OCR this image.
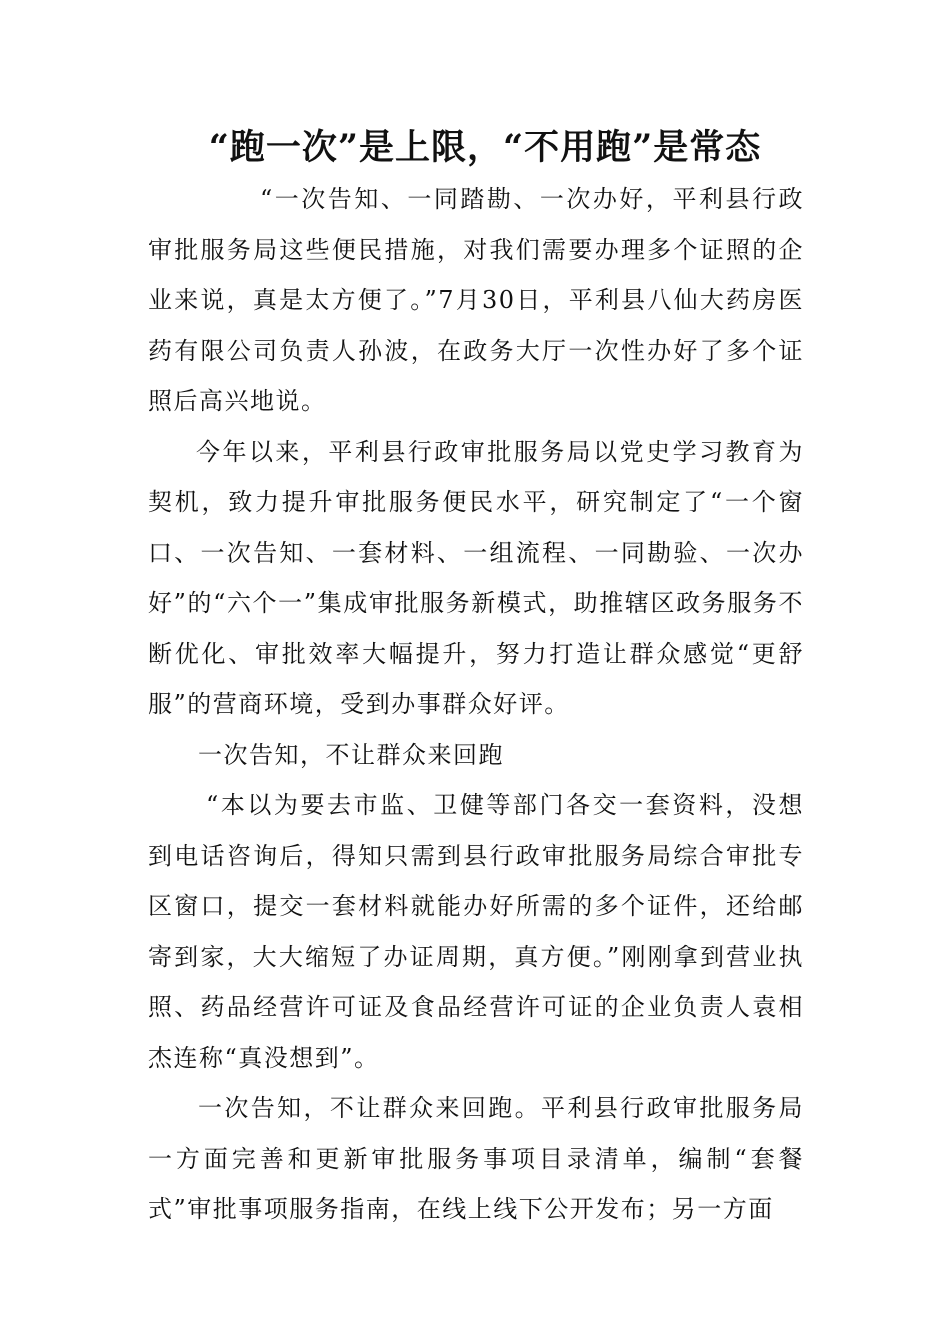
“跑一次”是上限，“不用跑”是常态

“一次告知、一同踏勘、一次办好，平利县行政审批服务局这些便民措施，对我们需要办理多个证照的企业来说，真是太方便了。”7月30日，平利县八仙大药房医药有限公司负责人孙波，在政务大厅一次性办好了多个证照后高兴地说。

今年以来，平利县行政审批服务局以党史学习教育为契机，致力提升审批服务便民水平，研究制定了“一个窗口、一次告知、一套材料、一组流程、一同勘验、一次办好”的“六个一”集成审批服务新模式，助推辖区政务服务不断优化、审批效率大幅提升，努力打造让群众感觉“更舒服”的营商环境，受到办事群众好评。

一次告知，不让群众来回跑

“本以为要去市监、卫健等部门各交一套资料，没想到电话咨询后，得知只需到县行政审批服务局综合审批专区窗口，提交一套材料就能办好所需的多个证件，还给邮寄到家，大大缩短了办证周期，真方便。”刚刚拿到营业执照、药品经营许可证及食品经营许可证的企业负责人袁相杰连称“真没想到”。

一次告知，不让群众来回跑。平利县行政审批服务局一方面完善和更新审批服务事项目录清单，编制“套餐式”审批事项服务指南，在线上线下公开发布；另一方面
